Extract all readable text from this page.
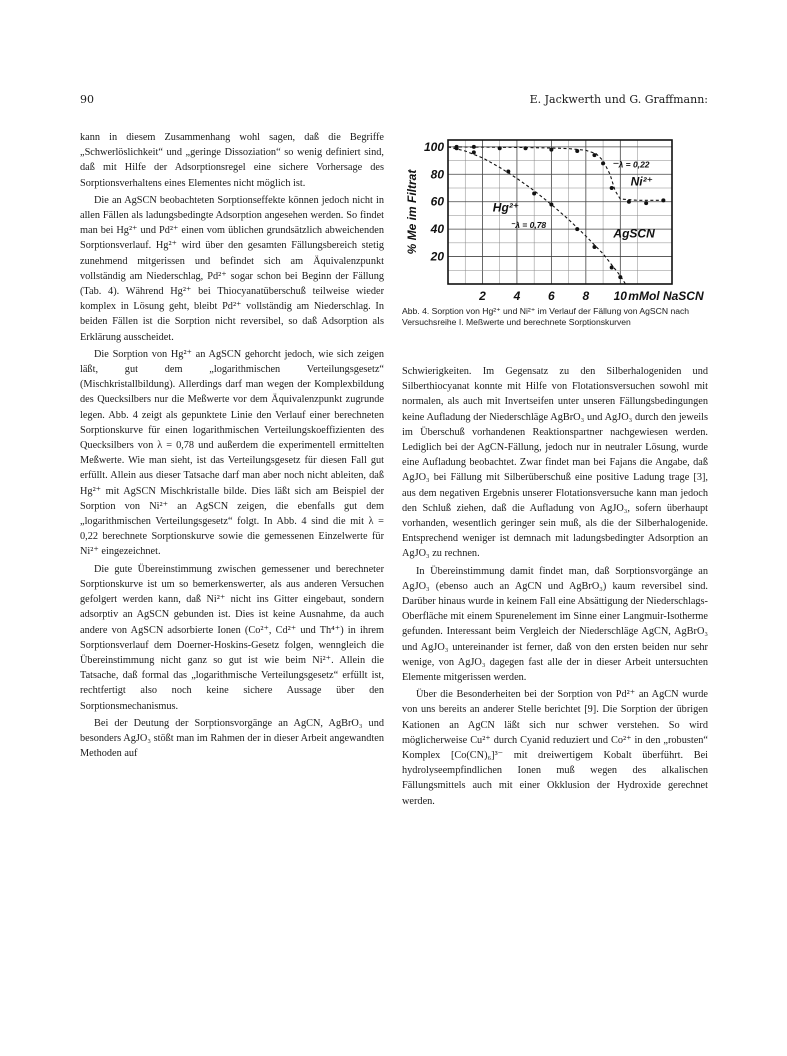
90	E. Jackwerth und G. Graffmann:

kann in diesem Zusammenhang wohl sagen, daß die Begriffe „Schwerlöslichkeit“ und „geringe Dissoziation“ so wenig definiert sind, daß mit Hilfe der Adsorptionsregel eine sichere Vorhersage des Sorptionsverhaltens eines Elementes nicht möglich ist.

Die an AgSCN beobachteten Sorptionseffekte können jedoch nicht in allen Fällen als ladungsbedingte Adsorption angesehen werden. So findet man bei Hg²⁺ und Pd²⁺ einen vom üblichen grundsätzlich abweichenden Sorptionsverlauf. Hg²⁺ wird über den gesamten Fällungsbereich stetig zunehmend mitgerissen und befindet sich am Äquivalenzpunkt vollständig am Niederschlag, Pd²⁺ sogar schon bei Beginn der Fällung (Tab. 4). Während Hg²⁺ bei Thiocyanatüberschuß teilweise wieder komplex in Lösung geht, bleibt Pd²⁺ vollständig am Niederschlag. In beiden Fällen ist die Sorption nicht reversibel, so daß Adsorption als Erklärung ausscheidet.

Die Sorption von Hg²⁺ an AgSCN gehorcht jedoch, wie sich zeigen läßt, gut dem „logarithmischen Verteilungsgesetz“ (Mischkristallbildung). Allerdings darf man wegen der Komplexbildung des Quecksilbers nur die Meßwerte vor dem Äquivalenzpunkt zugrunde legen. Abb. 4 zeigt als gepunktete Linie den Verlauf einer berechneten Sorptionskurve für einen logarithmischen Verteilungskoeffizienten des Quecksilbers von λ = 0,78 und außerdem die experimentell ermittelten Meßwerte. Wie man sieht, ist das Verteilungsgesetz für diesen Fall gut erfüllt. Allein aus dieser Tatsache darf man aber noch nicht ableiten, daß Hg²⁺ mit AgSCN Mischkristalle bilde. Dies läßt sich am Beispiel der Sorption von Ni²⁺ an AgSCN zeigen, die ebenfalls gut dem „logarithmischen Verteilungsgesetz“ folgt. In Abb. 4 sind die mit λ = 0,22 berechnete Sorptionskurve sowie die gemessenen Einzelwerte für Ni²⁺ eingezeichnet.

Die gute Übereinstimmung zwischen gemessener und berechneter Sorptionskurve ist um so bemerkenswerter, als aus anderen Versuchen gefolgert werden kann, daß Ni²⁺ nicht ins Gitter eingebaut, sondern adsorptiv an AgSCN gebunden ist. Dies ist keine Ausnahme, da auch andere von AgSCN adsorbierte Ionen (Co²⁺, Cd²⁺ und Th⁴⁺) in ihrem Sorptionsverlauf dem Doerner-Hoskins-Gesetz folgen, wenngleich die Übereinstimmung nicht ganz so gut ist wie beim Ni²⁺. Allein die Tatsache, daß formal das „logarithmische Verteilungsgesetz“ erfüllt ist, rechtfertigt also noch keine sichere Aussage über den Sorptionsmechanismus.

Bei der Deutung der Sorptionsvorgänge an AgCN, AgBrO₃ und besonders AgJO₃ stößt man im Rahmen der in dieser Arbeit angewandten Methoden auf

2 4 6 8 10
20
40
60
80
100
mMol NaSCN
% Me im Filtrat
λ = 0,22
λ = 0,78
Ni²⁺
Hg²⁺
AgSCN
Abb. 4. Sorption von Hg²⁺ und Ni²⁺ im Verlauf der Fällung von AgSCN nach Versuchsreihe I. Meßwerte und berechnete Sorptionskurven

Schwierigkeiten. Im Gegensatz zu den Silberhalogeniden und Silberthiocyanat konnte mit Hilfe von Flotationsversuchen sowohl mit normalen, als auch mit Invertseifen unter unseren Fällungsbedingungen keine Aufladung der Niederschläge AgBrO₃ und AgJO₃ durch den jeweils im Überschuß vorhandenen Reaktionspartner nachgewiesen werden. Lediglich bei der AgCN-Fällung, jedoch nur in neutraler Lösung, wurde eine Aufladung beobachtet. Zwar findet man bei Fajans die Angabe, daß AgJO₃ bei Fällung mit Silberüberschuß eine positive Ladung trage [3], aus dem negativen Ergebnis unserer Flotationsversuche kann man jedoch den Schluß ziehen, daß die Aufladung von AgJO₃, sofern überhaupt vorhanden, wesentlich geringer sein muß, als die der Silberhalogenide. Entsprechend weniger ist demnach mit ladungsbedingter Adsorption an AgJO₃ zu rechnen.

In Übereinstimmung damit findet man, daß Sorptionsvorgänge an AgJO₃ (ebenso auch an AgCN und AgBrO₃) kaum reversibel sind. Darüber hinaus wurde in keinem Fall eine Absättigung der Niederschlags-Oberfläche mit einem Spurenelement im Sinne einer Langmuir-Isotherme gefunden. Interessant beim Vergleich der Niederschläge AgCN, AgBrO₃ und AgJO₃ untereinander ist ferner, daß von den ersten beiden nur sehr wenige, von AgJO₃ dagegen fast alle der in dieser Arbeit untersuchten Elemente mitgerissen werden.

Über die Besonderheiten bei der Sorption von Pd²⁺ an AgCN wurde von uns bereits an anderer Stelle berichtet [9]. Die Sorption der übrigen Kationen an AgCN läßt sich nur schwer verstehen. So wird möglicherweise Cu²⁺ durch Cyanid reduziert und Co²⁺ in den „robusten“ Komplex [Co(CN)₆]³⁻ mit dreiwertigem Kobalt überführt. Bei hydrolyseempfindlichen Ionen muß wegen des alkalischen Fällungsmittels auch mit einer Okklusion der Hydroxide gerechnet werden.
